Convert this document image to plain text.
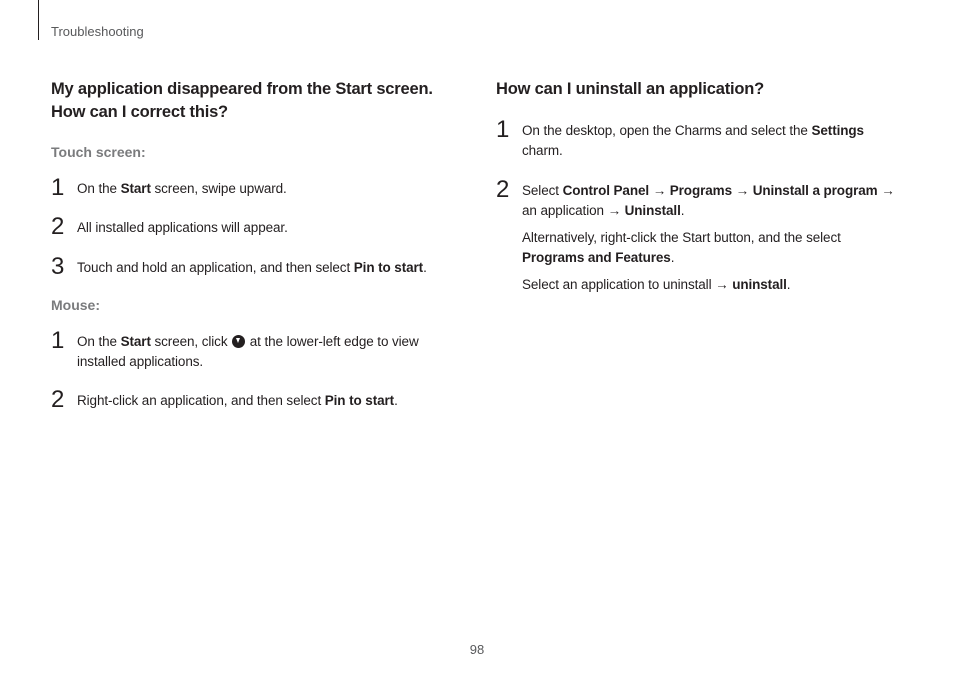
Troubleshooting
My application disappeared from the Start screen.
How can I correct this?

Touch screen:

1 On the Start screen, swipe upward.
2 All installed applications will appear.
3 Touch and hold an application, and then select Pin to start.

Mouse:

1 On the Start screen, click  at the lower-left edge to view installed applications.
2 Right-click an application, and then select Pin to start.
How can I uninstall an application?
1 On the desktop, open the Charms and select the Settings charm.
2 Select Control Panel → Programs → Uninstall a program → an application → Uninstall.
Alternatively, right-click the Start button, and the select Programs and Features.
Select an application to uninstall → uninstall.
98
